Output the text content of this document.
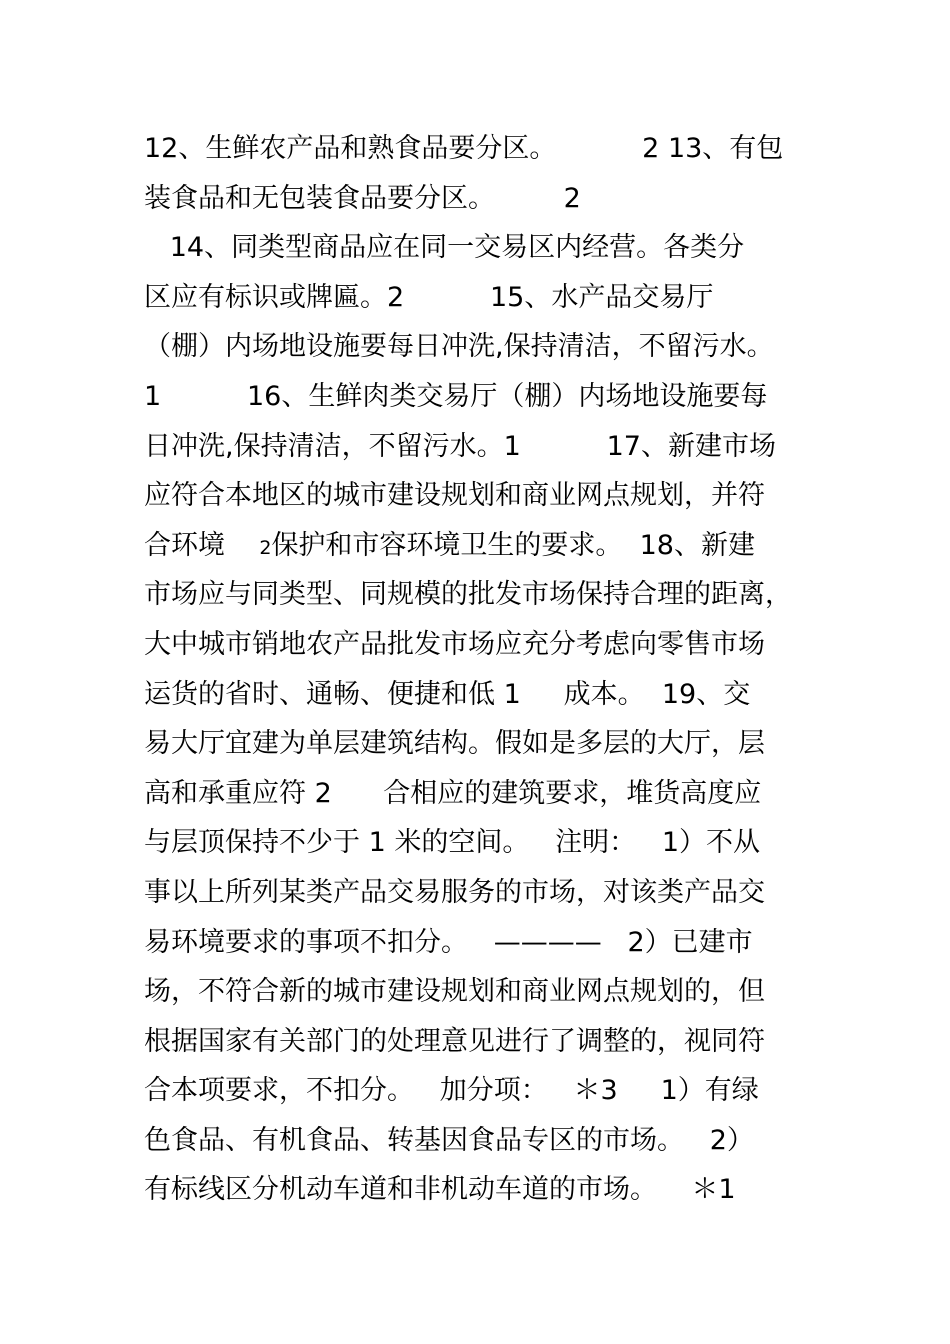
12、生鲜农产品和熟食品要分区。          2 13、有包
装食品和无包装食品要分区。        2
14、同类型商品应在同一交易区内经营。各类分
区应有标识或牌匾。2          15、水产品交易厅
（棚）内场地设施要每日冲洗,保持清洁，不留污水。
1          16、生鲜肉类交易厅（棚）内场地设施要每
日冲洗,保持清洁，不留污水。1          17、新建市场
应符合本地区的城市建设规划和商业网点规划，并符
合环境    2保护和市容环境卫生的要求。  18、新建
市场应与同类型、同规模的批发市场保持合理的距离，
大中城市销地农产品批发市场应充分考虑向零售市场
运货的省时、通畅、便捷和低 1     成本。  19、交
易大厅宜建为单层建筑结构。假如是多层的大厅，层
高和承重应符 2      合相应的建筑要求，堆货高度应
与层顶保持不少于 1 米的空间。   注明：   1）不从
事以上所列某类产品交易服务的市场，对该类产品交
易环境要求的事项不扣分。   ————   2）已建市
场，不符合新的城市建设规划和商业网点规划的，但
根据国家有关部门的处理意见进行了调整的，视同符
合本项要求，不扣分。   加分项：   ＊3     1）有绿
色食品、有机食品、转基因食品专区的市场。   2）
有标线区分机动车道和非机动车道的市场。    ＊1
